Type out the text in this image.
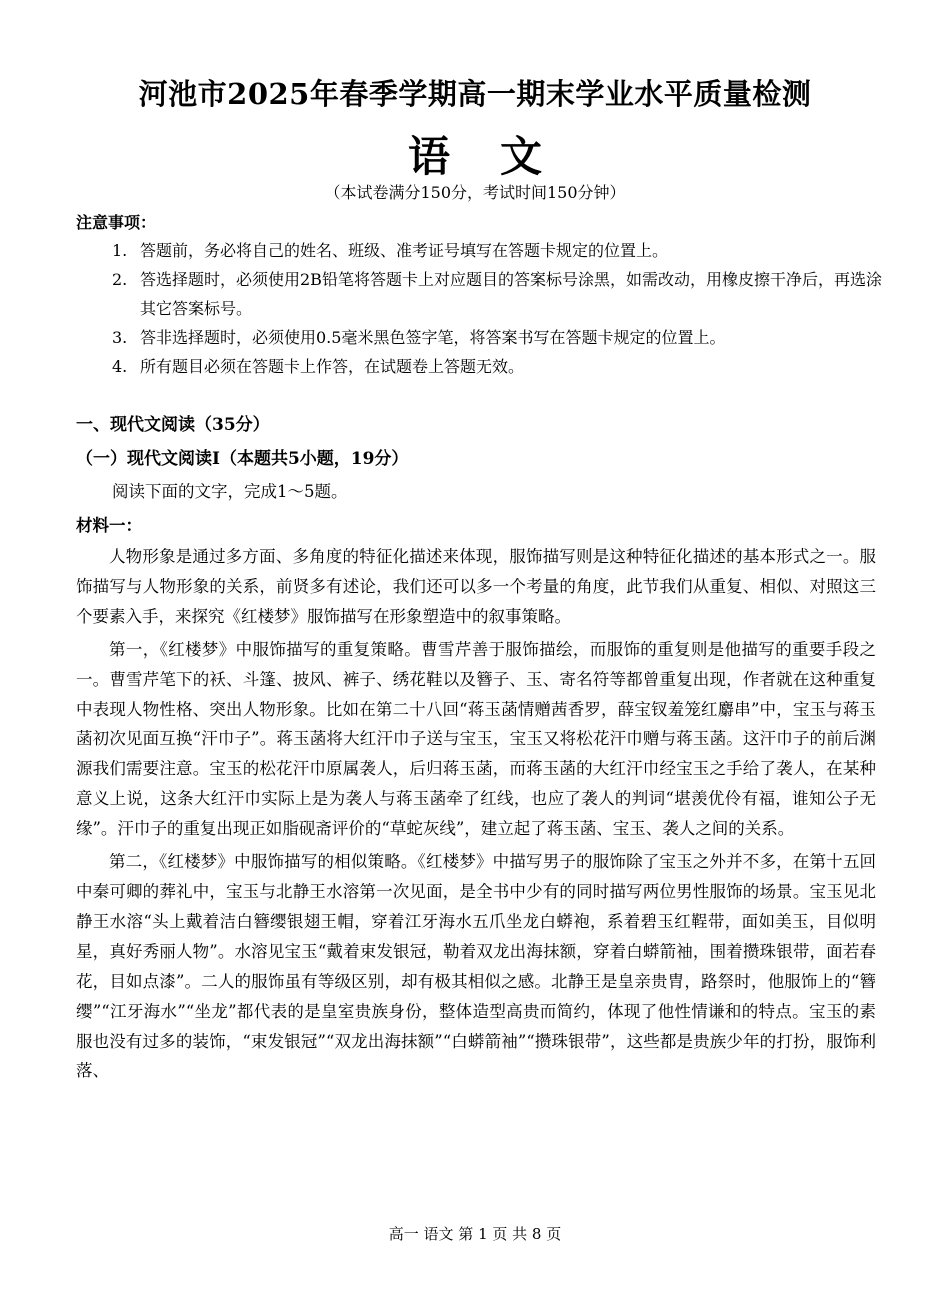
河池市2025年春季学期高一期末学业水平质量检测
语 文
（本试卷满分150分，考试时间150分钟）
注意事项：
1. 答题前，务必将自己的姓名、班级、准考证号填写在答题卡规定的位置上。
2. 答选择题时，必须使用2B铅笔将答题卡上对应题目的答案标号涂黑，如需改动，用橡皮擦干净后，再选涂其它答案标号。
3. 答非选择题时，必须使用0.5毫米黑色签字笔，将答案书写在答题卡规定的位置上。
4. 所有题目必须在答题卡上作答，在试题卷上答题无效。
一、现代文阅读（35分）
（一）现代文阅读I（本题共5小题，19分）
阅读下面的文字，完成1～5题。
材料一：

人物形象是通过多方面、多角度的特征化描述来体现，服饰描写则是这种特征化描述的基本形式之一。服饰描写与人物形象的关系，前贤多有述论，我们还可以多一个考量的角度，此节我们从重复、相似、对照这三个要素入手，来探究《红楼梦》服饰描写在形象塑造中的叙事策略。

第一，《红楼梦》中服饰描写的重复策略。曹雪芹善于服饰描绘，而服饰的重复则是他描写的重要手段之一。曹雪芹笔下的袄、斗篷、披风、裤子、绣花鞋以及簪子、玉、寄名符等都曾重复出现，作者就在这种重复中表现人物性格、突出人物形象。比如在第二十八回“蒋玉菡情赠茜香罗，薛宝钗羞笼红麝串”中，宝玉与蒋玉菡初次见面互换“汗巾子”。蒋玉菡将大红汗巾子送与宝玉，宝玉又将松花汗巾赠与蒋玉菡。这汗巾子的前后渊源我们需要注意。宝玉的松花汗巾原属袭人，后归蒋玉菡，而蒋玉菡的大红汗巾经宝玉之手给了袭人，在某种意义上说，这条大红汗巾实际上是为袭人与蒋玉菡牵了红线，也应了袭人的判词“堪羡优伶有福，谁知公子无缘”。汗巾子的重复出现正如脂砚斋评价的“草蛇灰线”，建立起了蒋玉菡、宝玉、袭人之间的关系。

第二，《红楼梦》中服饰描写的相似策略。《红楼梦》中描写男子的服饰除了宝玉之外并不多，在第十五回中秦可卿的葬礼中，宝玉与北静王水溶第一次见面，是全书中少有的同时描写两位男性服饰的场景。宝玉见北静王水溶“头上戴着洁白簪缨银翅王帽，穿着江牙海水五爪坐龙白蟒袍，系着碧玉红鞓带，面如美玉，目似明星，真好秀丽人物”。水溶见宝玉“戴着束发银冠，勒着双龙出海抹额，穿着白蟒箭袖，围着攒珠银带，面若春花，目如点漆”。二人的服饰虽有等级区别，却有极其相似之感。北静王是皇亲贵胄，路祭时，他服饰上的“簪缨”“江牙海水”“坐龙”都代表的是皇室贵族身份，整体造型高贵而简约，体现了他性情谦和的特点。宝玉的素服也没有过多的装饰，“束发银冠”“双龙出海抹额”“白蟒箭袖”“攒珠银带”，这些都是贵族少年的打扮，服饰利落、

高一 语文 第 1 页 共 8 页
